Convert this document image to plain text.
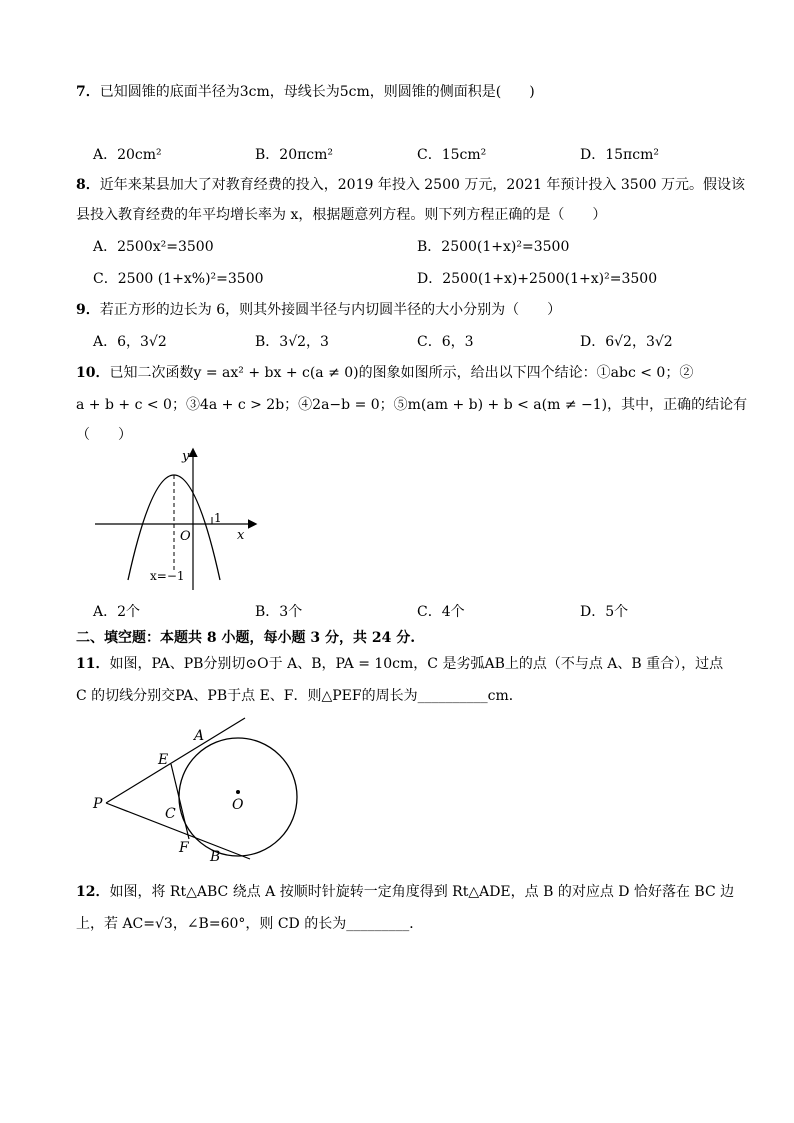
7．已知圆锥的底面半径为3cm，母线长为5cm，则圆锥的侧面积是(　　)
A．20cm²	B．20πcm²	C．15cm²	D．15πcm²
8．近年来某县加大了对教育经费的投入，2019 年投入 2500 万元，2021 年预计投入 3500 万元。假设该
县投入教育经费的年平均增长率为 x，根据题意列方程。则下列方程正确的是（　　）
A．2500x²=3500	B．2500(1+x)²=3500
C．2500 (1+x%)²=3500	D．2500(1+x)+2500(1+x)²=3500
9．若正方形的边长为 6，则其外接圆半径与内切圆半径的大小分别为（　　）
A．6，3√2	B．3√2，3	C．6，3	D．6√2，3√2
10．已知二次函数y = ax² + bx + c(a ≠ 0)的图象如图所示，给出以下四个结论：①abc < 0；②
a + b + c < 0；③4a + c > 2b；④2a−b = 0；⑤m(am + b) + b < a(m ≠ −1)，其中，正确的结论有
（　　）
y
x
O
1
x=−1
A．2个	B．3个	C．4个	D．5个
二、填空题：本题共 8 小题，每小题 3 分，共 24 分.
11．如图，PA、PB分别切⊙O于 A、B，PA = 10cm，C 是劣弧AB上的点（不与点 A、B 重合），过点
C 的切线分别交PA、PB于点 E、F．则△PEF的周长为__________cm．
A
E
P
C
O
F
B
12．如图，将 Rt△ABC 绕点 A 按顺时针旋转一定角度得到 Rt△ADE，点 B 的对应点 D 恰好落在 BC 边
上，若 AC=√3，∠B=60°，则 CD 的长为_________．
